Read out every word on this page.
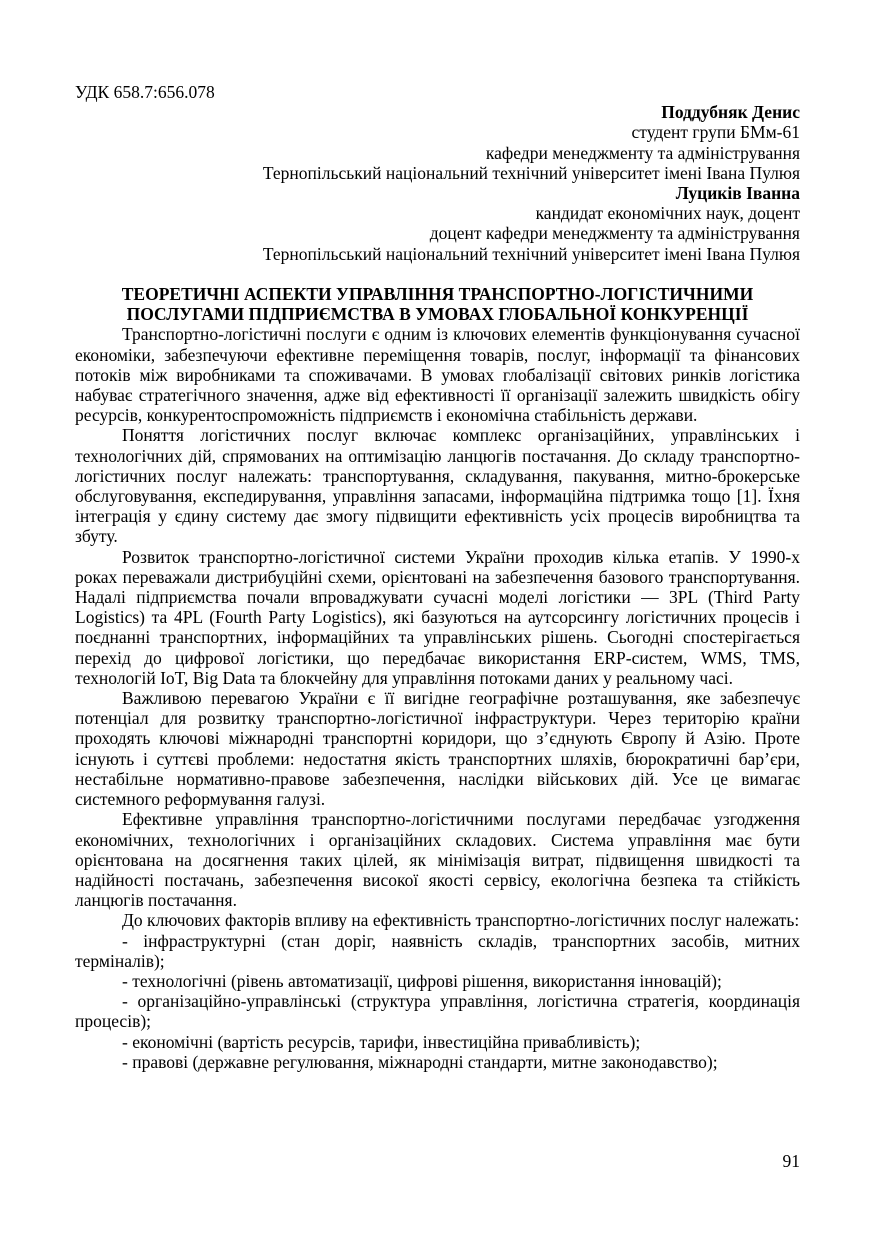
УДК 658.7:656.078
Поддубняк Денис
студент групи БМм-61
кафедри менеджменту та адміністрування
Тернопільський національний технічний університет імені Івана Пулюя
Луциків Іванна
кандидат економічних наук, доцент
доцент кафедри менеджменту та адміністрування
Тернопільський національний технічний університет імені Івана Пулюя
ТЕОРЕТИЧНІ АСПЕКТИ УПРАВЛІННЯ ТРАНСПОРТНО-ЛОГІСТИЧНИМИ ПОСЛУГАМИ ПІДПРИЄМСТВА В УМОВАХ ГЛОБАЛЬНОЇ КОНКУРЕНЦІЇ

Транспортно-логістичні послуги є одним із ключових елементів функціонування сучасної економіки, забезпечуючи ефективне переміщення товарів, послуг, інформації та фінансових потоків між виробниками та споживачами. В умовах глобалізації світових ринків логістика набуває стратегічного значення, адже від ефективності її організації залежить швидкість обігу ресурсів, конкурентоспроможність підприємств і економічна стабільність держави.

Поняття логістичних послуг включає комплекс організаційних, управлінських і технологічних дій, спрямованих на оптимізацію ланцюгів постачання. До складу транспортно-логістичних послуг належать: транспортування, складування, пакування, митно-брокерське обслуговування, експедирування, управління запасами, інформаційна підтримка тощо [1]. Їхня інтеграція у єдину систему дає змогу підвищити ефективність усіх процесів виробництва та збуту.

Розвиток транспортно-логістичної системи України проходив кілька етапів. У 1990-х роках переважали дистрибуційні схеми, орієнтовані на забезпечення базового транспортування. Надалі підприємства почали впроваджувати сучасні моделі логістики — 3PL (Third Party Logistics) та 4PL (Fourth Party Logistics), які базуються на аутсорсингу логістичних процесів і поєднанні транспортних, інформаційних та управлінських рішень. Сьогодні спостерігається перехід до цифрової логістики, що передбачає використання ERP-систем, WMS, TMS, технологій IoT, Big Data та блокчейну для управління потоками даних у реальному часі.

Важливою перевагою України є її вигідне географічне розташування, яке забезпечує потенціал для розвитку транспортно-логістичної інфраструктури. Через територію країни проходять ключові міжнародні транспортні коридори, що з’єднують Європу й Азію. Проте існують і суттєві проблеми: недостатня якість транспортних шляхів, бюрократичні бар’єри, нестабільне нормативно-правове забезпечення, наслідки військових дій. Усе це вимагає системного реформування галузі.

Ефективне управління транспортно-логістичними послугами передбачає узгодження економічних, технологічних і організаційних складових. Система управління має бути орієнтована на досягнення таких цілей, як мінімізація витрат, підвищення швидкості та надійності постачань, забезпечення високої якості сервісу, екологічна безпека та стійкість ланцюгів постачання.

До ключових факторів впливу на ефективність транспортно-логістичних послуг належать:

- інфраструктурні (стан доріг, наявність складів, транспортних засобів, митних терміналів);

- технологічні (рівень автоматизації, цифрові рішення, використання інновацій);

- організаційно-управлінські (структура управління, логістична стратегія, координація процесів);

- економічні (вартість ресурсів, тарифи, інвестиційна привабливість);

- правові (державне регулювання, міжнародні стандарти, митне законодавство);

91
